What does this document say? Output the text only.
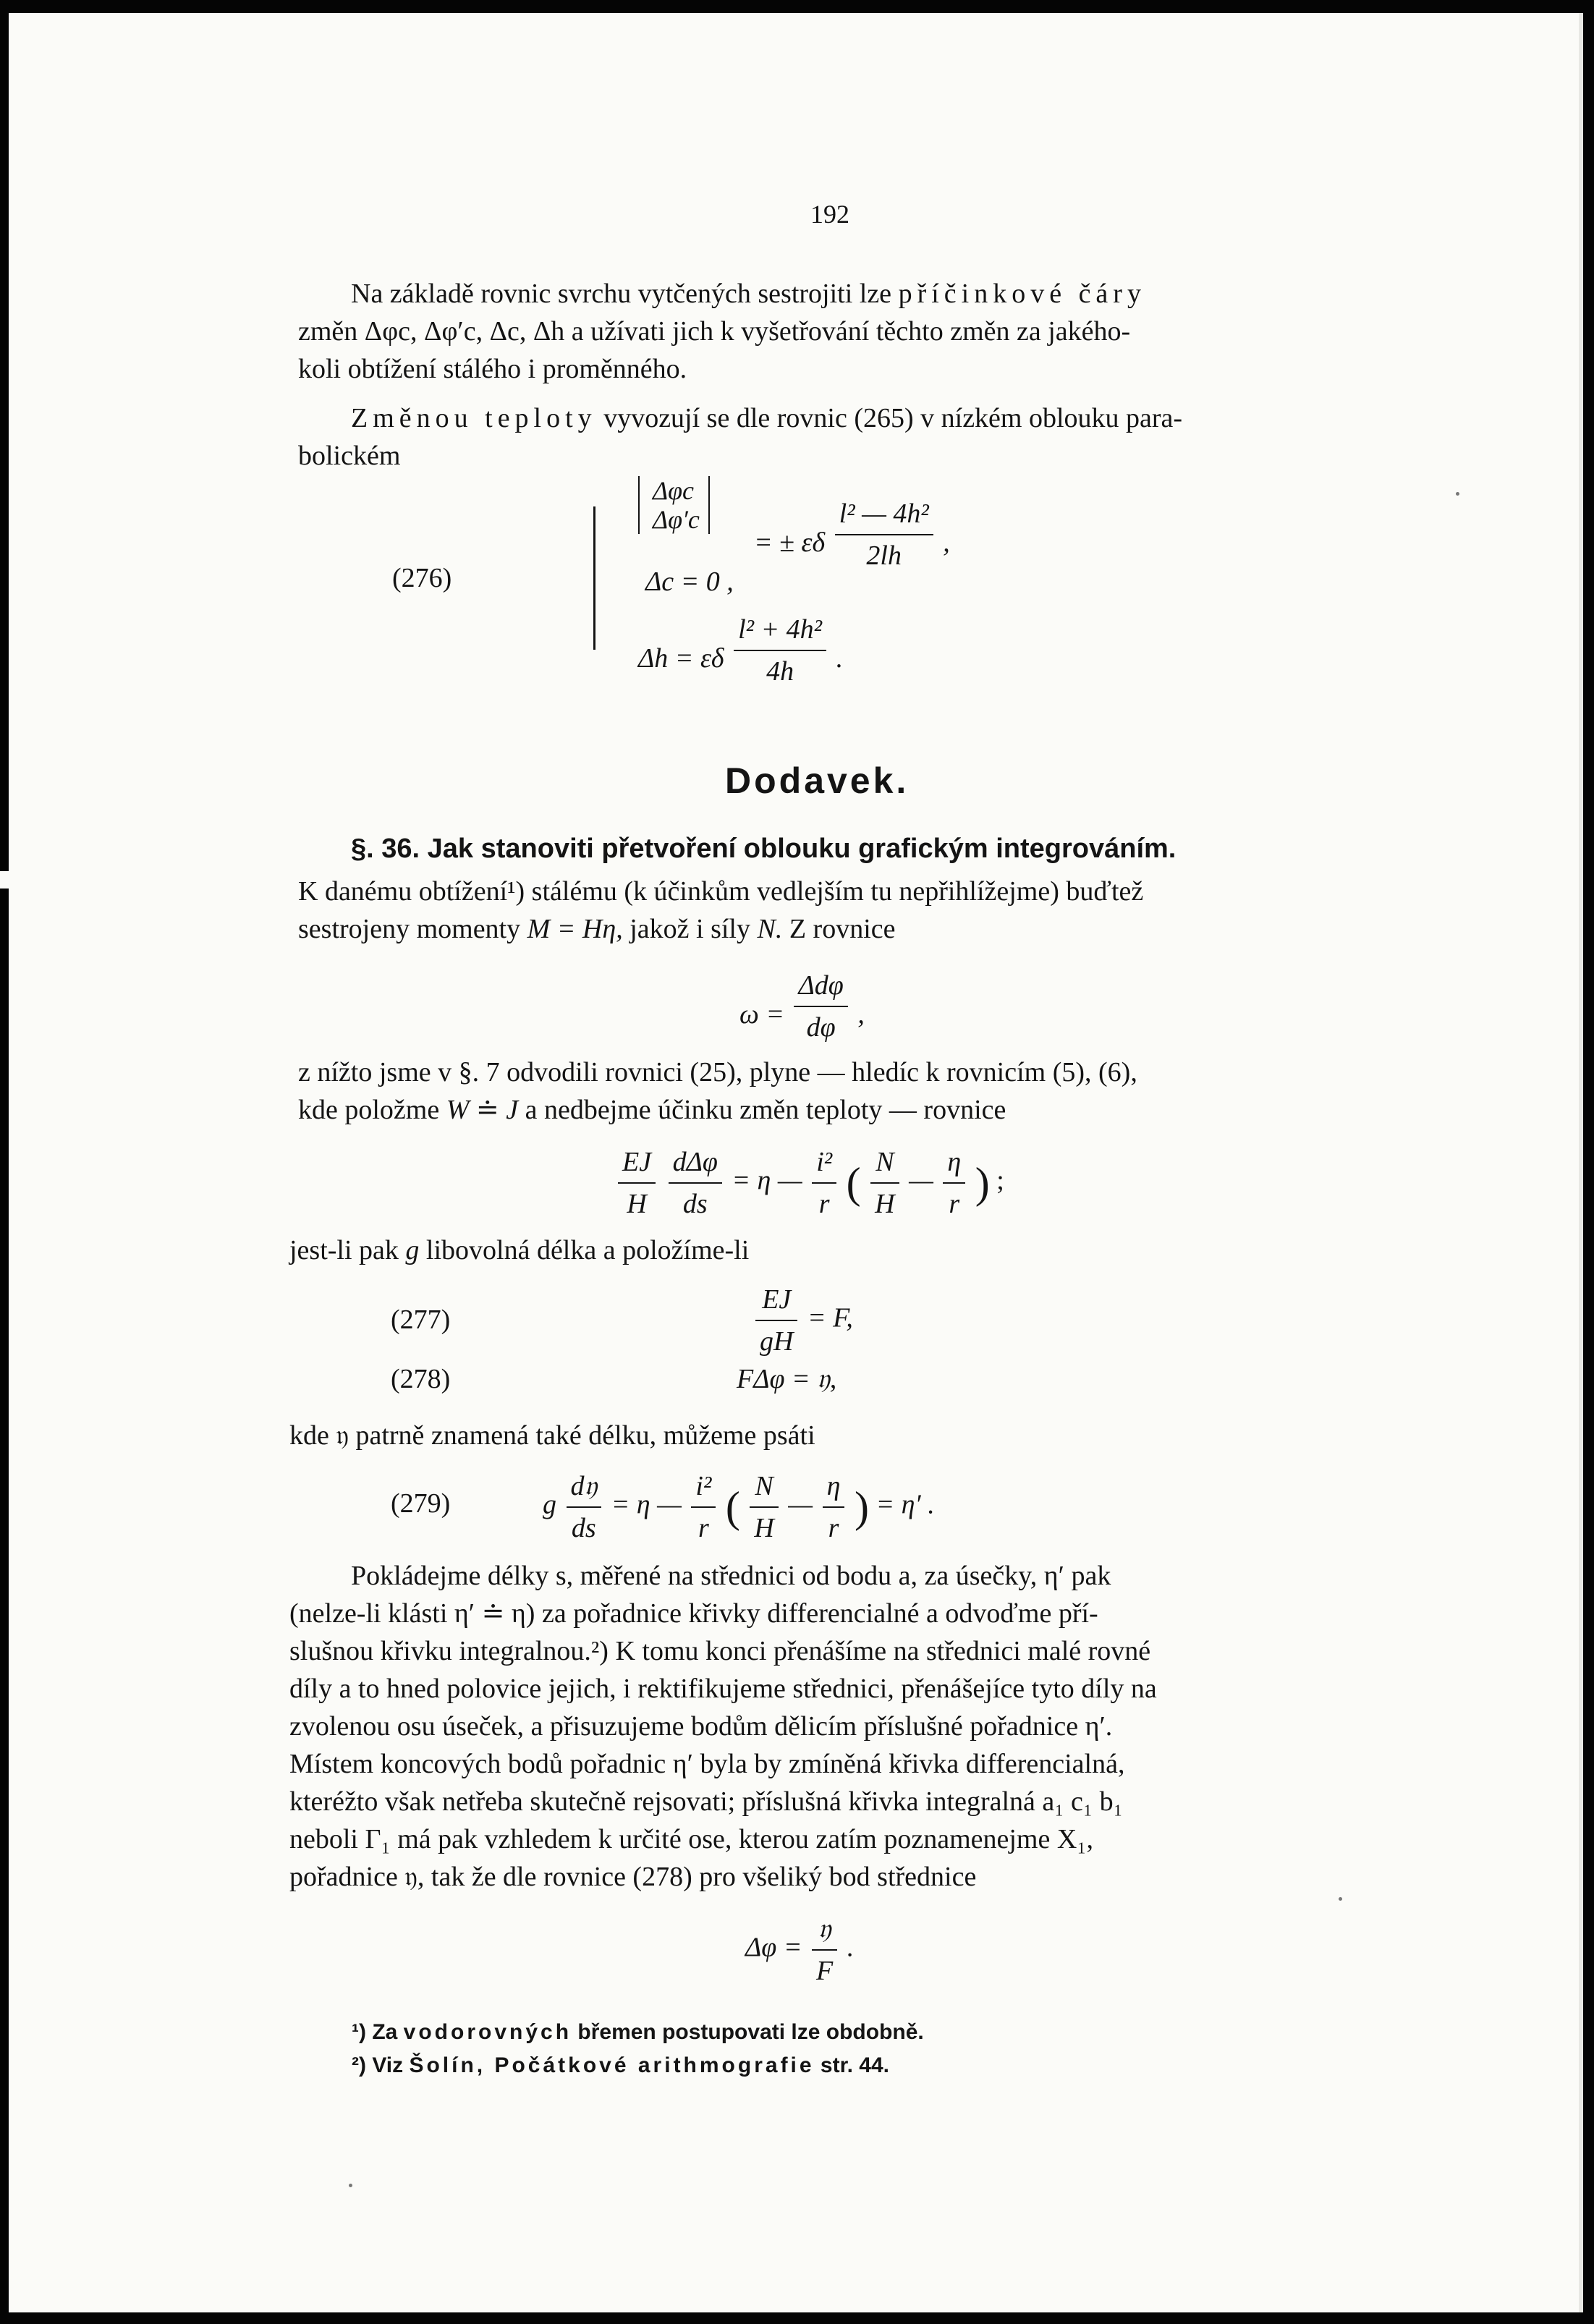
192
Na základě rovnic svrchu vytčených sestrojiti lze příčinkové čáry
změn Δφc, Δφ′c, Δc, Δh a užívati jich k vyšetřování těchto změn za jakého-
koli obtížení stálého i proměnného.
Změnou teploty vyvozují se dle rovnic (265) v nízkém oblouku para-
bolickém
(276)
Δφc
Δφ′c
= ± εδ $\frac{\text{l² — 4h²}}{2lh}$ ,
Δc = 0 ,
Δh = εδ $\frac{\text{l² + 4h²}}{4h}$ .
Dodavek.
§. 36. Jak stanoviti přetvoření oblouku grafickým integrováním.
K danému obtížení¹) stálému (k účinkům vedlejším tu nepřihlížejme) buďtež
sestrojeny momenty M = Hη, jakož i síly N. Z rovnice
$\omega = \frac{\text{Δdφ}}{d\varphi}$ ,
z nížto jsme v §. 7 odvodili rovnici (25), plyne — hledíc k rovnicím (5), (6),
kde položme W ≐ J a nedbejme účinku změn teploty — rovnice
$\frac{EJ}{H}$
$\frac{\text{dΔφ}}{ds} = \eta$ — $\frac{\text{i²}}{r}$ ( $\frac{N}{H}$ — $\frac{\eta}{r}$ ) ;
jest-li pak g libovolná délka a položíme-li
(277)	$\frac{EJ}{gH} = F$,
(278)	FΔφ = 𝔶,
kde 𝔶 patrně znamená také délku, můžeme psáti
(279)	g $\frac{\text{d𝔶}}{ds} = \eta$ — $\frac{\text{i²}}{r}$ ( $\frac{N}{H}$ — $\frac{\eta}{r}$ ) = η′ .
Pokládejme délky s, měřené na střednici od bodu a, za úsečky, η′ pak
(nelze-li klásti η′ ≐ η) za pořadnice křivky differencialné a odvoďme pří-
slušnou křivku integralnou.²) K tomu konci přenášíme na střednici malé rovné
díly a to hned polovice jejich, i rektifikujeme střednici, přenášejíce tyto díly na
zvolenou osu úseček, a přisuzujeme bodům dělicím příslušné pořadnice η′.
Místem koncových bodů pořadnic η′ byla by zmíněná křivka differencialná,
kteréžto však netřeba skutečně rejsovati; příslušná křivka integralná a₁ c₁ b₁
neboli Γ₁ má pak vzhledem k určité ose, kterou zatím poznamenejme X₁,
pořadnice 𝔶, tak že dle rovnice (278) pro všeliký bod střednice
$\Delta\varphi = \frac{\text{𝔶}}{F}$ .
¹) Za vodorovných břemen postupovati lze obdobně.
²) Viz Šolín, Počátkové arithmografie str. 44.
